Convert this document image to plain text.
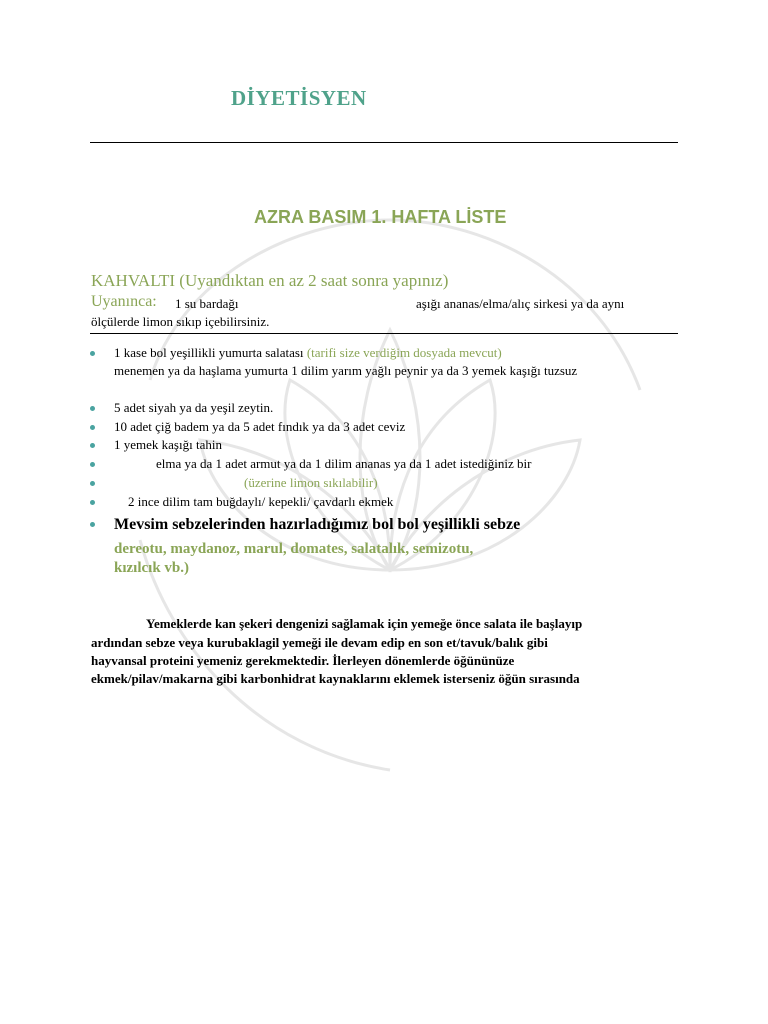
DİYETİSYEN
AZRA BASIM 1. HAFTA LİSTE
KAHVALTI (Uyandıktan en az 2 saat sonra yapınız)
Uyanınca: 1 su bardağı	aşığı ananas/elma/alıç sirkesi ya da aynı
ölçülerde limon sıkıp içebilirsiniz.
1 kase bol yeşillikli yumurta salatası (tarifi size verdiğim dosyada mevcut)
menemen ya da haşlama yumurta 1 dilim yarım yağlı peynir ya da 3 yemek kaşığı tuzsuz
5 adet siyah ya da yeşil zeytin.
10 adet çiğ badem ya da 5 adet fındık ya da 3 adet ceviz
1 yemek kaşığı tahin
elma ya da 1 adet armut ya da 1 dilim ananas ya da 1 adet istediğiniz bir
(üzerine limon sıkılabilir)
2 ince dilim tam buğdaylı/ kepekli/ çavdarlı ekmek
Mevsim sebzelerinden hazırladığımız bol bol yeşillikli sebze
dereotu, maydanoz, marul, domates, salatalık, semizotu,
kızılcık vb.)
Yemeklerde kan şekeri dengenizi sağlamak için yemeğe önce salata ile başlayıp
ardından sebze veya kurubaklagil yemeği ile devam edip en son et/tavuk/balık gibi
hayvansal proteini yemeniz gerekmektedir. İlerleyen dönemlerde öğününüze
ekmek/pilav/makarna gibi karbonhidrat kaynaklarını eklemek isterseniz öğün sırasında
